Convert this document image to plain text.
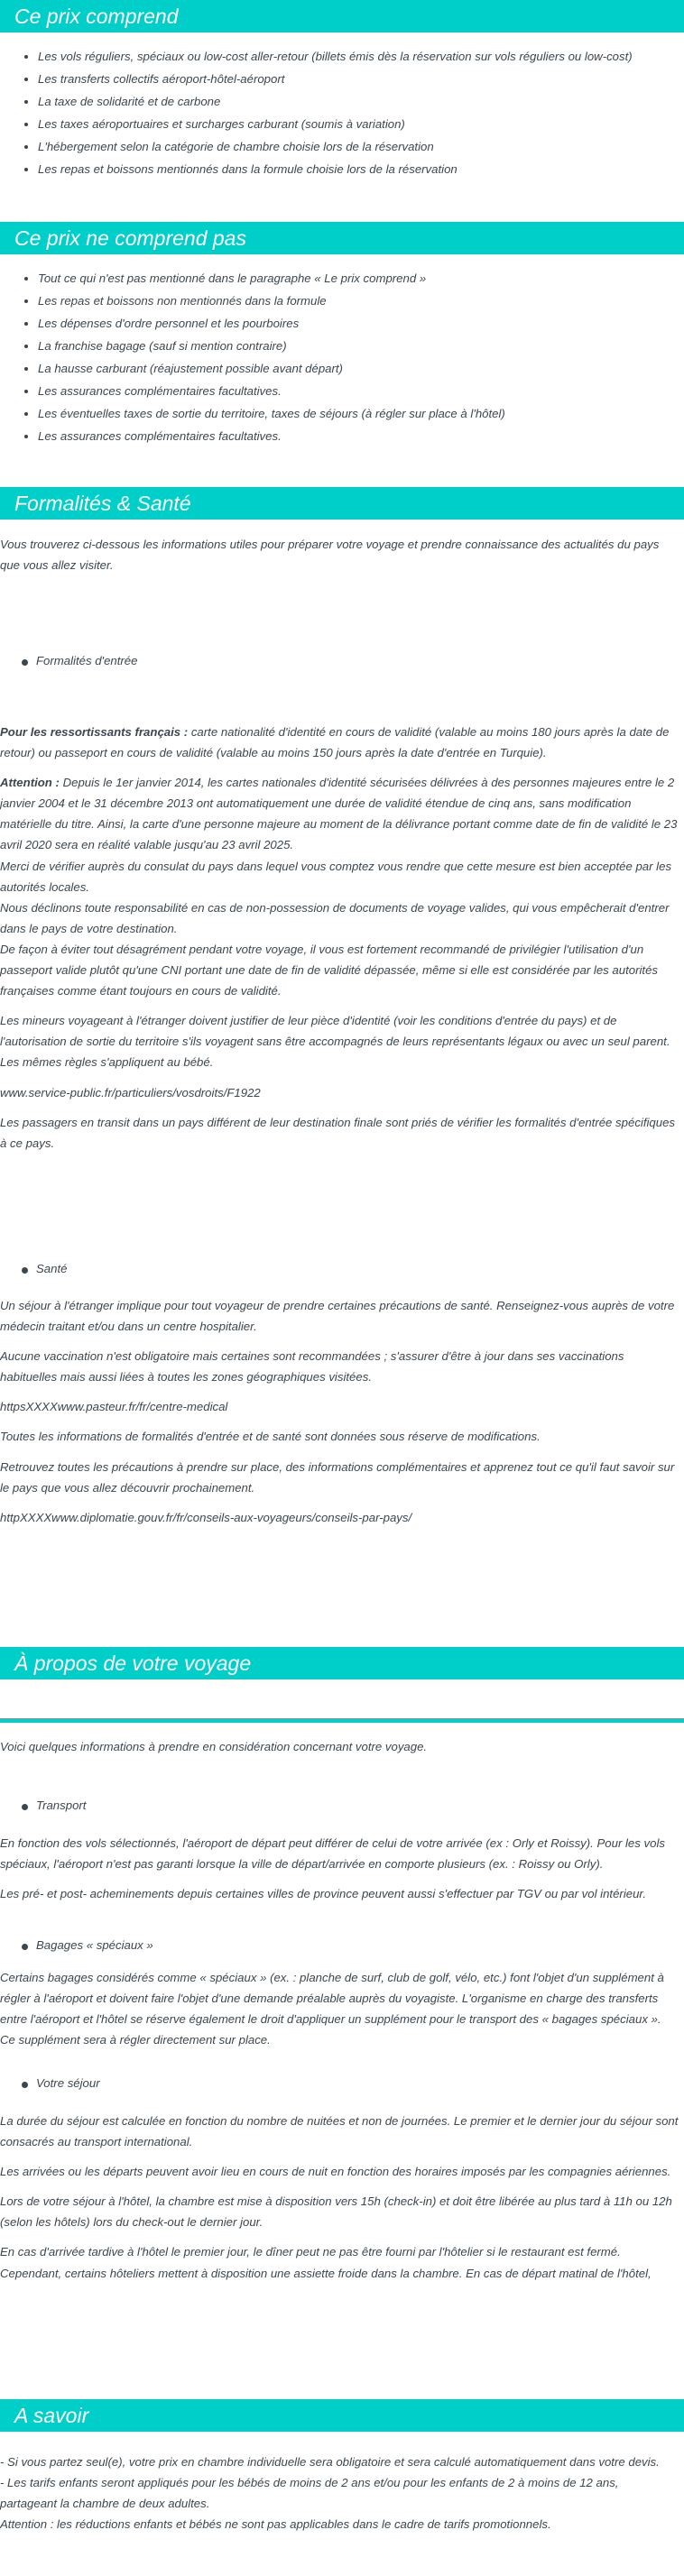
Ce prix comprend
• Les vols réguliers, spéciaux ou low-cost aller-retour (billets émis dès la réservation sur vols réguliers ou low-cost)
• Les transferts collectifs aéroport-hôtel-aéroport
• La taxe de solidarité et de carbone
• Les taxes aéroportuaires et surcharges carburant (soumis à variation)
• L'hébergement selon la catégorie de chambre choisie lors de la réservation
• Les repas et boissons mentionnés dans la formule choisie lors de la réservation
Ce prix ne comprend pas
• Tout ce qui n'est pas mentionné dans le paragraphe « Le prix comprend »
• Les repas et boissons non mentionnés dans la formule
• Les dépenses d'ordre personnel et les pourboires
• La franchise bagage (sauf si mention contraire)
• La hausse carburant (réajustement possible avant départ)
• Les assurances complémentaires facultatives.
• Les éventuelles taxes de sortie du territoire, taxes de séjours (à régler sur place à l'hôtel)
• Les assurances complémentaires facultatives.
Formalités & Santé

Vous trouverez ci-dessous les informations utiles pour préparer votre voyage et prendre connaissance des actualités du pays que vous allez visiter.

Formalités d'entrée

Pour les ressortissants français : carte nationalité d'identité en cours de validité (valable au moins 180 jours après la date de retour) ou passeport en cours de validité (valable au moins 150 jours après la date d'entrée en Turquie).

Attention : Depuis le 1er janvier 2014, les cartes nationales d'identité sécurisées délivrées à des personnes majeures entre le 2 janvier 2004 et le 31 décembre 2013 ont automatiquement une durée de validité étendue de cinq ans, sans modification matérielle du titre. Ainsi, la carte d'une personne majeure au moment de la délivrance portant comme date de fin de validité le 23 avril 2020 sera en réalité valable jusqu'au 23 avril 2025.

Merci de vérifier auprès du consulat du pays dans lequel vous comptez vous rendre que cette mesure est bien acceptée par les autorités locales.

Nous déclinons toute responsabilité en cas de non-possession de documents de voyage valides, qui vous empêcherait d'entrer dans le pays de votre destination.

De façon à éviter tout désagrément pendant votre voyage, il vous est fortement recommandé de privilégier l'utilisation d'un passeport valide plutôt qu'une CNI portant une date de fin de validité dépassée, même si elle est considérée par les autorités françaises comme étant toujours en cours de validité.

Les mineurs voyageant à l'étranger doivent justifier de leur pièce d'identité (voir les conditions d'entrée du pays) et de l'autorisation de sortie du territoire s'ils voyagent sans être accompagnés de leurs représentants légaux ou avec un seul parent. Les mêmes règles s'appliquent au bébé.

www.service-public.fr/particuliers/vosdroits/F1922

Les passagers en transit dans un pays différent de leur destination finale sont priés de vérifier les formalités d'entrée spécifiques à ce pays.

Santé

Un séjour à l'étranger implique pour tout voyageur de prendre certaines précautions de santé. Renseignez-vous auprès de votre médecin traitant et/ou dans un centre hospitalier.

Aucune vaccination n'est obligatoire mais certaines sont recommandées ; s'assurer d'être à jour dans ses vaccinations habituelles mais aussi liées à toutes les zones géographiques visitées.

httpsXXXXwww.pasteur.fr/fr/centre-medical

Toutes les informations de formalités d'entrée et de santé sont données sous réserve de modifications.

Retrouvez toutes les précautions à prendre sur place, des informations complémentaires et apprenez tout ce qu'il faut savoir sur le pays que vous allez découvrir prochainement.

httpXXXXwww.diplomatie.gouv.fr/fr/conseils-aux-voyageurs/conseils-par-pays/

À propos de votre voyage

Voici quelques informations à prendre en considération concernant votre voyage.

Transport

En fonction des vols sélectionnés, l'aéroport de départ peut différer de celui de votre arrivée (ex : Orly et Roissy). Pour les vols spéciaux, l'aéroport n'est pas garanti lorsque la ville de départ/arrivée en comporte plusieurs (ex. : Roissy ou Orly).

Les pré- et post- acheminements depuis certaines villes de province peuvent aussi s'effectuer par TGV ou par vol intérieur.

Bagages « spéciaux »

Certains bagages considérés comme « spéciaux » (ex. : planche de surf, club de golf, vélo, etc.) font l'objet d'un supplément à régler à l'aéroport et doivent faire l'objet d'une demande préalable auprès du voyagiste. L'organisme en charge des transferts entre l'aéroport et l'hôtel se réserve également le droit d'appliquer un supplément pour le transport des « bagages spéciaux ». Ce supplément sera à régler directement sur place.

Votre séjour

La durée du séjour est calculée en fonction du nombre de nuitées et non de journées. Le premier et le dernier jour du séjour sont consacrés au transport international.

Les arrivées ou les départs peuvent avoir lieu en cours de nuit en fonction des horaires imposés par les compagnies aériennes.

Lors de votre séjour à l'hôtel, la chambre est mise à disposition vers 15h (check-in) et doit être libérée au plus tard à 11h ou 12h (selon les hôtels) lors du check-out le dernier jour.

En cas d'arrivée tardive à l'hôtel le premier jour, le dîner peut ne pas être fourni par l'hôtelier si le restaurant est fermé. Cependant, certains hôteliers mettent à disposition une assiette froide dans la chambre. En cas de départ matinal de l'hôtel,

A savoir

- Si vous partez seul(e), votre prix en chambre individuelle sera obligatoire et sera calculé automatiquement dans votre devis.

- Les tarifs enfants seront appliqués pour les bébés de moins de 2 ans et/ou pour les enfants de 2 à moins de 12 ans, partageant la chambre de deux adultes.

Attention : les réductions enfants et bébés ne sont pas applicables dans le cadre de tarifs promotionnels.
